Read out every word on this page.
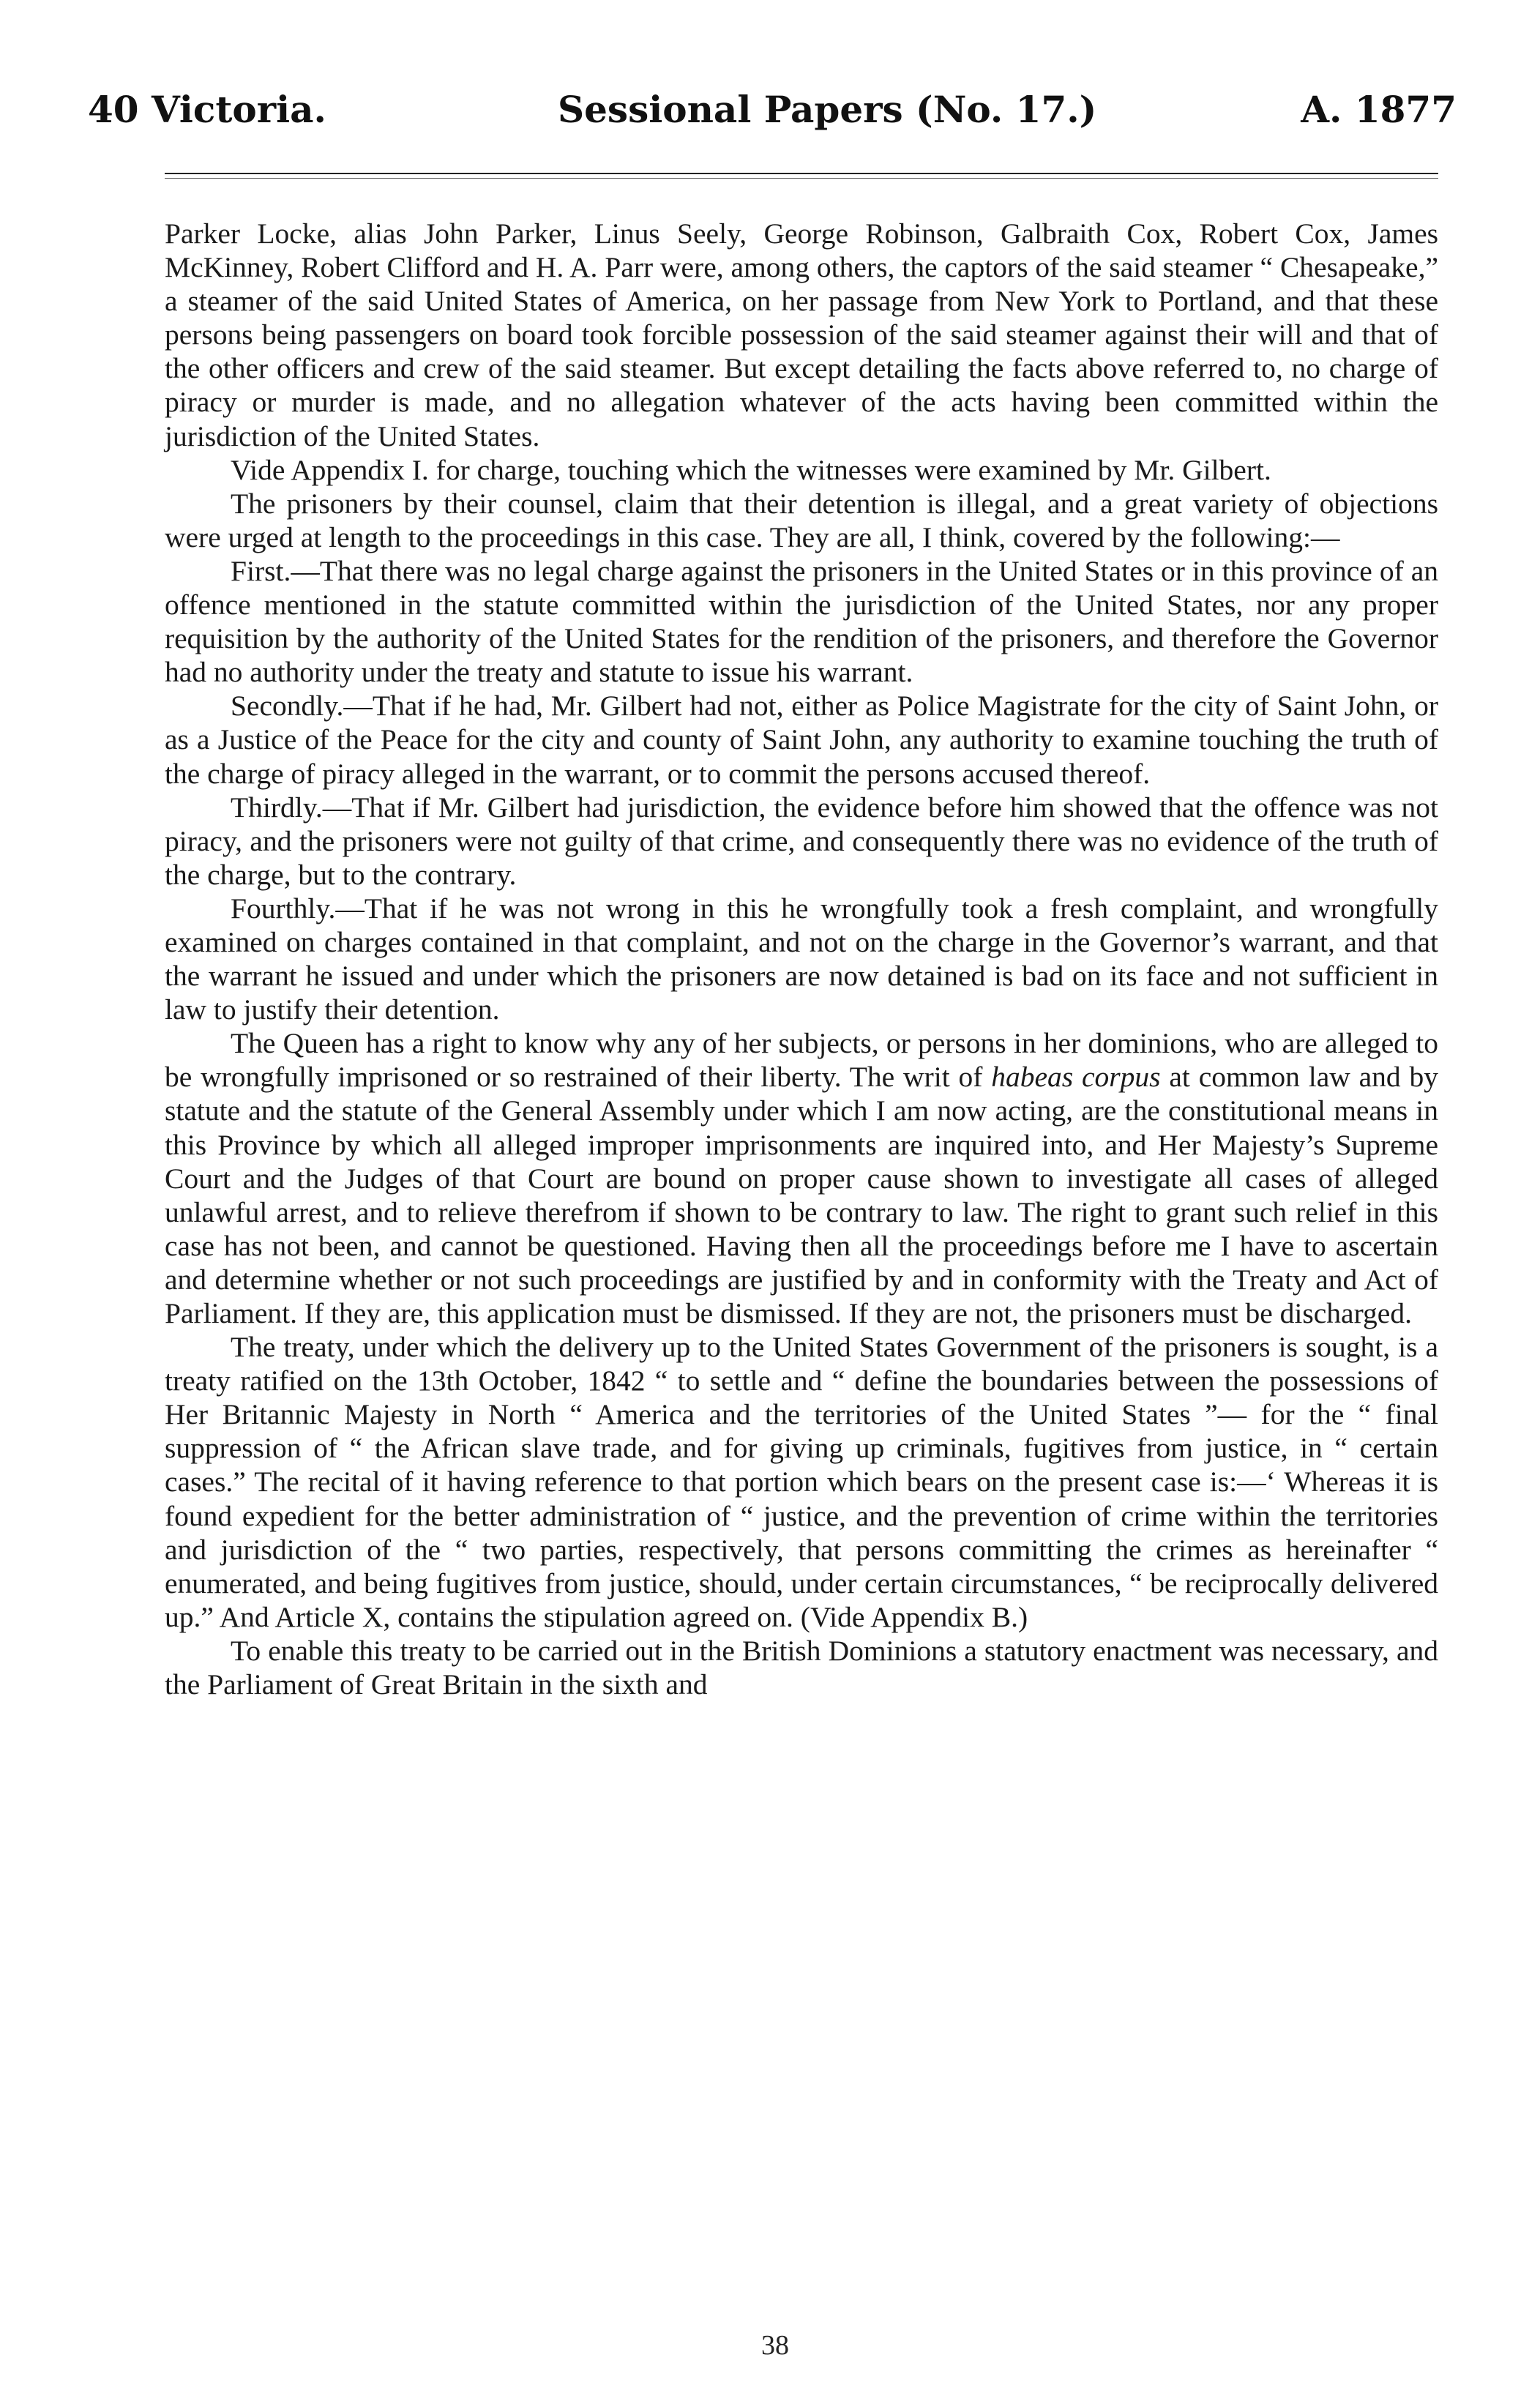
40 Victoria.	Sessional Papers (No. 17.)	A. 1877

Parker Locke, alias John Parker, Linus Seely, George Robinson, Galbraith Cox, Robert Cox, James McKinney, Robert Clifford and H. A. Parr were, among others, the captors of the said steamer “ Chesapeake,” a steamer of the said United States of America, on her passage from New York to Portland, and that these persons being passengers on board took forcible possession of the said steamer against their will and that of the other officers and crew of the said steamer. But except detailing the facts above referred to, no charge of piracy or murder is made, and no allegation whatever of the acts having been committed within the jurisdiction of the United States.

Vide Appendix I. for charge, touching which the witnesses were examined by Mr. Gilbert.

The prisoners by their counsel, claim that their detention is illegal, and a great variety of objections were urged at length to the proceedings in this case. They are all, I think, covered by the following:—

First.—That there was no legal charge against the prisoners in the United States or in this province of an offence mentioned in the statute committed within the jurisdiction of the United States, nor any proper requisition by the authority of the United States for the rendition of the prisoners, and therefore the Governor had no authority under the treaty and statute to issue his warrant.

Secondly.—That if he had, Mr. Gilbert had not, either as Police Magistrate for the city of Saint John, or as a Justice of the Peace for the city and county of Saint John, any authority to examine touching the truth of the charge of piracy alleged in the warrant, or to commit the persons accused thereof.

Thirdly.—That if Mr. Gilbert had jurisdiction, the evidence before him showed that the offence was not piracy, and the prisoners were not guilty of that crime, and consequently there was no evidence of the truth of the charge, but to the contrary.

Fourthly.—That if he was not wrong in this he wrongfully took a fresh complaint, and wrongfully examined on charges contained in that complaint, and not on the charge in the Governor’s warrant, and that the warrant he issued and under which the prisoners are now detained is bad on its face and not sufficient in law to justify their detention.

The Queen has a right to know why any of her subjects, or persons in her dominions, who are alleged to be wrongfully imprisoned or so restrained of their liberty. The writ of habeas corpus at common law and by statute and the statute of the General Assembly under which I am now acting, are the constitutional means in this Province by which all alleged improper imprisonments are inquired into, and Her Majesty’s Supreme Court and the Judges of that Court are bound on proper cause shown to investigate all cases of alleged unlawful arrest, and to relieve therefrom if shown to be contrary to law. The right to grant such relief in this case has not been, and cannot be questioned. Having then all the proceedings before me I have to ascertain and determine whether or not such proceedings are justified by and in conformity with the Treaty and Act of Parliament. If they are, this application must be dismissed. If they are not, the prisoners must be discharged.

The treaty, under which the delivery up to the United States Government of the prisoners is sought, is a treaty ratified on the 13th October, 1842 “ to settle and “ define the boundaries between the possessions of Her Britannic Majesty in North “ America and the territories of the United States ”— for the “ final suppression of “ the African slave trade, and for giving up criminals, fugitives from justice, in “ certain cases.” The recital of it having reference to that portion which bears on the present case is:—‘ Whereas it is found expedient for the better administration of “ justice, and the prevention of crime within the territories and jurisdiction of the “ two parties, respectively, that persons committing the crimes as hereinafter “ enumerated, and being fugitives from justice, should, under certain circumstances, “ be reciprocally delivered up.” And Article X, contains the stipulation agreed on. (Vide Appendix B.)

To enable this treaty to be carried out in the British Dominions a statutory enactment was necessary, and the Parliament of Great Britain in the sixth and

38
